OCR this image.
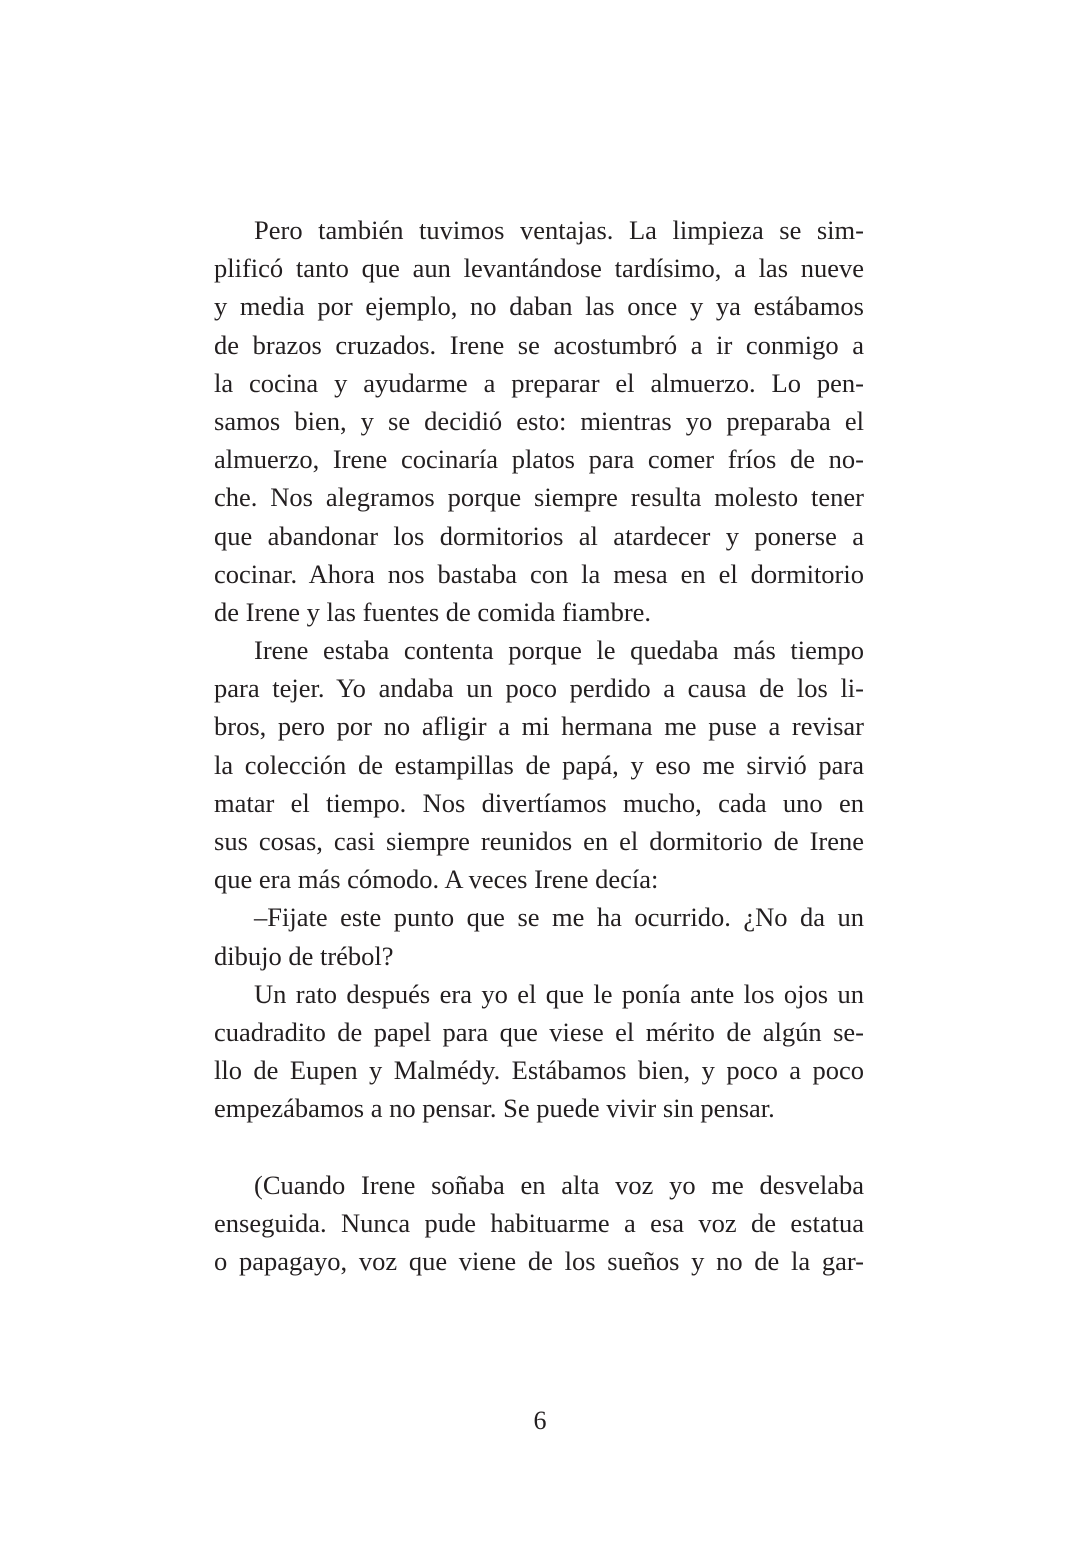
Pero también tuvimos ventajas. La limpieza se sim-
plificó tanto que aun levantándose tardísimo, a las nueve
y media por ejemplo, no daban las once y ya estábamos
de brazos cruzados. Irene se acostumbró a ir conmigo a
la cocina y ayudarme a preparar el almuerzo. Lo pen-
samos bien, y se decidió esto: mientras yo preparaba el
almuerzo, Irene cocinaría platos para comer fríos de no-
che. Nos alegramos porque siempre resulta molesto tener
que abandonar los dormitorios al atardecer y ponerse a
cocinar. Ahora nos bastaba con la mesa en el dormitorio
de Irene y las fuentes de comida fiambre.
Irene estaba contenta porque le quedaba más tiempo
para tejer. Yo andaba un poco perdido a causa de los li-
bros, pero por no afligir a mi hermana me puse a revisar
la colección de estampillas de papá, y eso me sirvió para
matar el tiempo. Nos divertíamos mucho, cada uno en
sus cosas, casi siempre reunidos en el dormitorio de Irene
que era más cómodo. A veces Irene decía:
–Fijate este punto que se me ha ocurrido. ¿No da un
dibujo de trébol?
Un rato después era yo el que le ponía ante los ojos un
cuadradito de papel para que viese el mérito de algún se-
llo de Eupen y Malmédy. Estábamos bien, y poco a poco
empezábamos a no pensar. Se puede vivir sin pensar.
(Cuando Irene soñaba en alta voz yo me desvelaba
enseguida. Nunca pude habituarme a esa voz de estatua
o papagayo, voz que viene de los sueños y no de la gar-
6
